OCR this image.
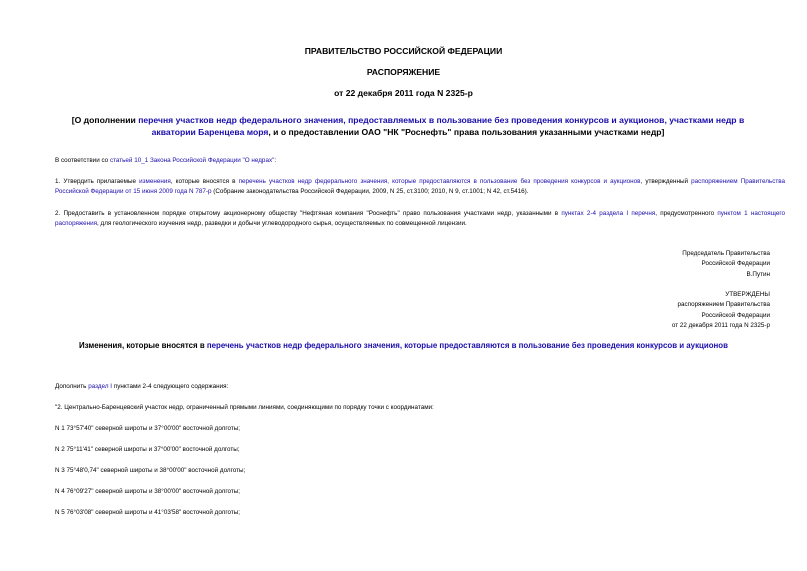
ПРАВИТЕЛЬСТВО РОССИЙСКОЙ ФЕДЕРАЦИИ
РАСПОРЯЖЕНИЕ
от 22 декабря 2011 года N 2325-р
[О дополнении перечня участков недр федерального значения, предоставляемых в пользование без проведения конкурсов и аукционов, участками недр в акватории Баренцева моря, и о предоставлении ОАО "НК "Роснефть" права пользования указанными участками недр]
В соответствии со статьей 10_1 Закона Российской Федерации "О недрах":
1. Утвердить прилагаемые изменения, которые вносятся в перечень участков недр федерального значения, которые предоставляются в пользование без проведения конкурсов и аукционов, утвержденный распоряжением Правительства Российской Федерации от 15 июня 2009 года N 787-р (Собрание законодательства Российской Федерации, 2009, N 25, ст.3100; 2010, N 9, ст.1001; N 42, ст.5416).
2. Предоставить в установленном порядке открытому акционерному обществу "Нефтяная компания "Роснефть" право пользования участками недр, указанными в пунктах 2-4 раздела I перечня, предусмотренного пунктом 1 настоящего распоряжения, для геологического изучения недр, разведки и добычи углеводородного сырья, осуществляемых по совмещенной лицензии.
Председатель Правительства
Российской Федерации
В.Путин
УТВЕРЖДЕНЫ
распоряжением Правительства
Российской Федерации
от 22 декабря 2011 года N 2325-р
Изменения, которые вносятся в перечень участков недр федерального значения, которые предоставляются в пользование без проведения конкурсов и аукционов
Дополнить раздел I пунктами 2-4 следующего содержания:
"2. Центрально-Баренцевский участок недр, ограниченный прямыми линиями, соединяющими по порядку точки с координатами:
N 1 73°57'40" северной широты и 37°00'00" восточной долготы;
N 2 75°11'41" северной широты и 37°00'00" восточной долготы;
N 3 75°48'0,74" северной широты и 38°00'00" восточной долготы;
N 4 76°09'27" северной широты и 38°00'00" восточной долготы;
N 5 76°03'08" северной широты и 41°03'58" восточной долготы;
